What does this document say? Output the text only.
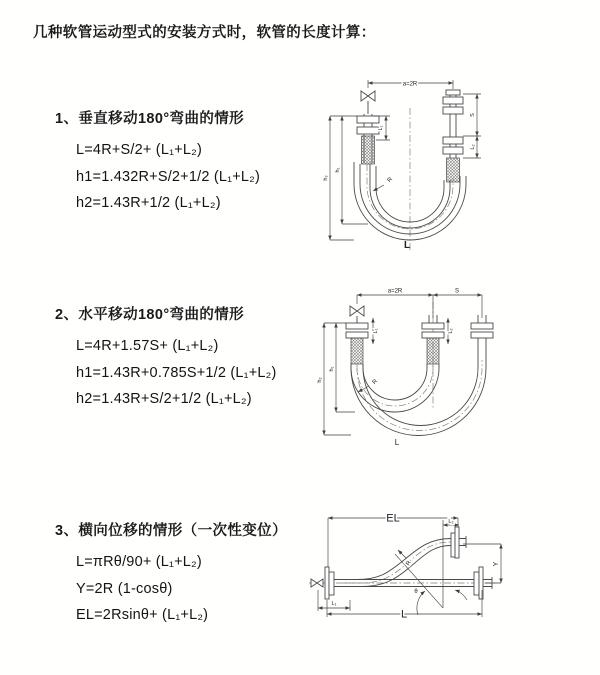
几种软管运动型式的安装方式时，软管的长度计算：
1、垂直移动180°弯曲的情形
L=4R+S/2+ (L₁+L₂)
h1=1.432R+S/2+1/2 (L₁+L₂)
h2=1.43R+1/2 (L₁+L₂)
2、水平移动180°弯曲的情形
L=4R+1.57S+ (L₁+L₂)
h1=1.43R+0.785S+1/2 (L₁+L₂)
h2=1.43R+S/2+1/2 (L₁+L₂)
3、横向位移的情形（一次性变位）
L=πRθ/90+ (L₁+L₂)
Y=2R (1-cosθ)
EL=2Rsinθ+ (L₁+L₂)
a=2R
L₁
S
L₂
h₂
h₁
R
L
a=2R	S
L₁	L₂
h₂
h₁
R
L
EL	L₂
Y
θ
R
L₁
L
